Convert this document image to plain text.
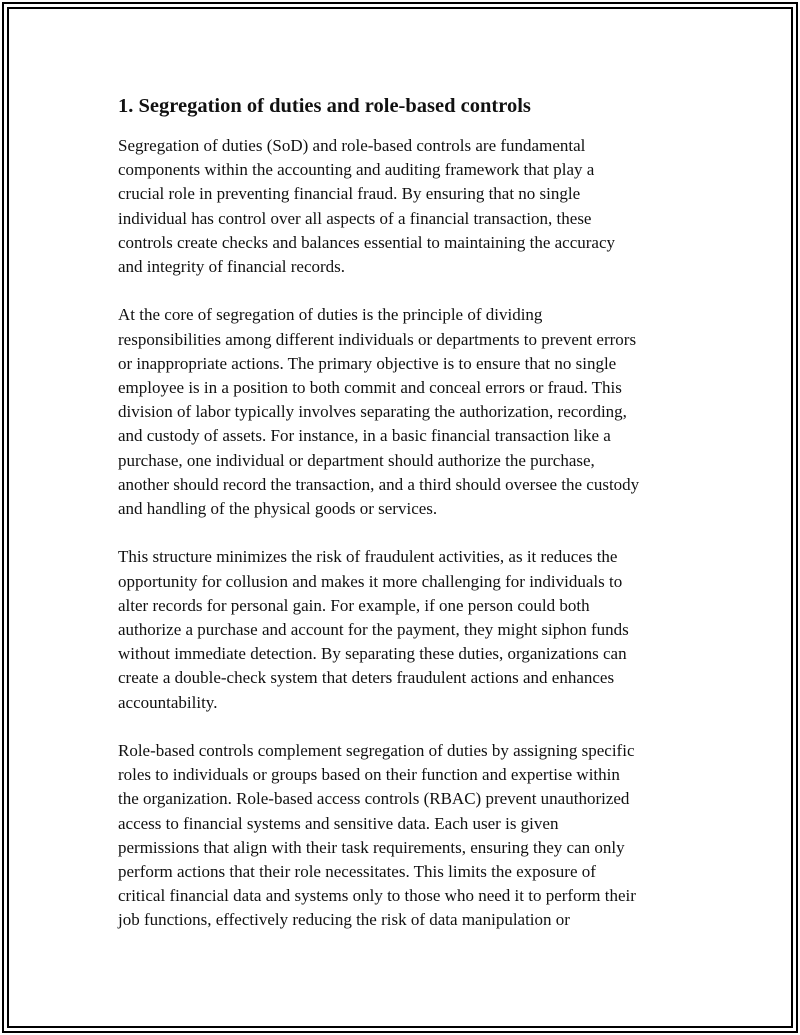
1. Segregation of duties and role-based controls

Segregation of duties (SoD) and role-based controls are fundamental
components within the accounting and auditing framework that play a
crucial role in preventing financial fraud. By ensuring that no single
individual has control over all aspects of a financial transaction, these
controls create checks and balances essential to maintaining the accuracy
and integrity of financial records.

At the core of segregation of duties is the principle of dividing
responsibilities among different individuals or departments to prevent errors
or inappropriate actions. The primary objective is to ensure that no single
employee is in a position to both commit and conceal errors or fraud. This
division of labor typically involves separating the authorization, recording,
and custody of assets. For instance, in a basic financial transaction like a
purchase, one individual or department should authorize the purchase,
another should record the transaction, and a third should oversee the custody
and handling of the physical goods or services.

This structure minimizes the risk of fraudulent activities, as it reduces the
opportunity for collusion and makes it more challenging for individuals to
alter records for personal gain. For example, if one person could both
authorize a purchase and account for the payment, they might siphon funds
without immediate detection. By separating these duties, organizations can
create a double-check system that deters fraudulent actions and enhances
accountability.

Role-based controls complement segregation of duties by assigning specific
roles to individuals or groups based on their function and expertise within
the organization. Role-based access controls (RBAC) prevent unauthorized
access to financial systems and sensitive data. Each user is given
permissions that align with their task requirements, ensuring they can only
perform actions that their role necessitates. This limits the exposure of
critical financial data and systems only to those who need it to perform their
job functions, effectively reducing the risk of data manipulation or
